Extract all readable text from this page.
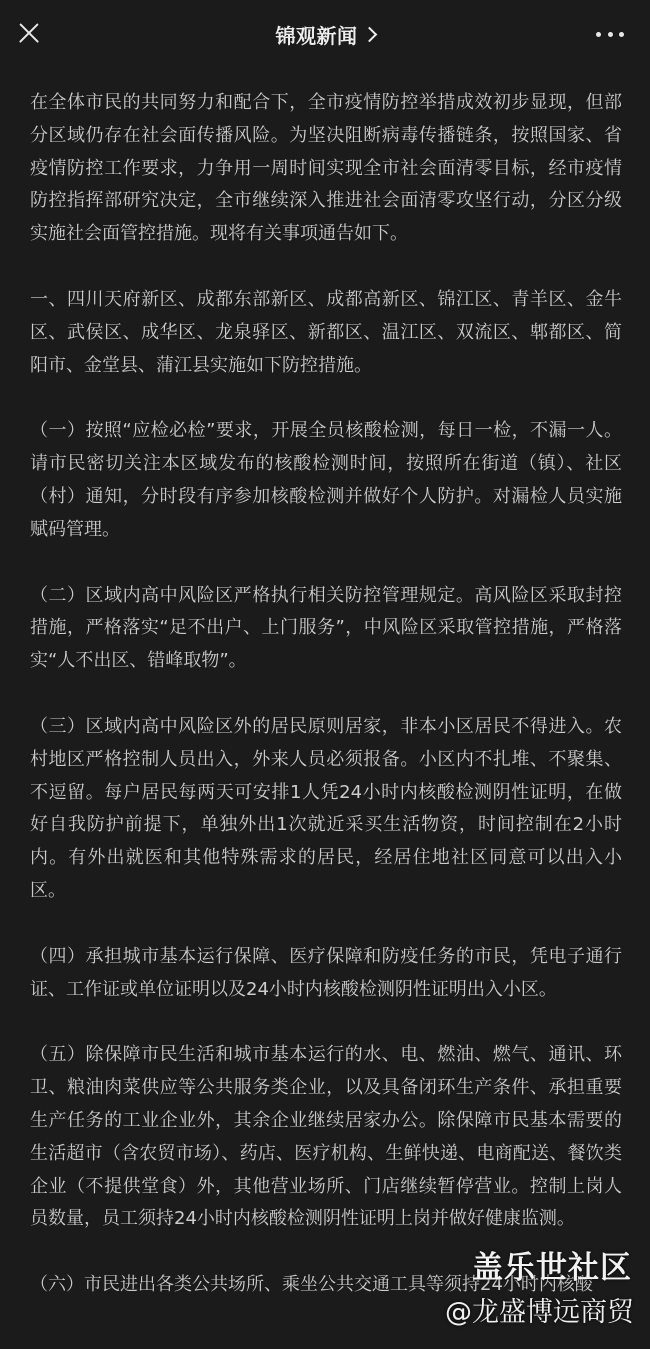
锦观新闻

在全体市民的共同努力和配合下，全市疫情防控举措成效初步显现，但部分区域仍存在社会面传播风险。为坚决阻断病毒传播链条，按照国家、省疫情防控工作要求，力争用一周时间实现全市社会面清零目标，经市疫情防控指挥部研究决定，全市继续深入推进社会面清零攻坚行动，分区分级实施社会面管控措施。现将有关事项通告如下。

一、四川天府新区、成都东部新区、成都高新区、锦江区、青羊区、金牛区、武侯区、成华区、龙泉驿区、新都区、温江区、双流区、郫都区、简阳市、金堂县、蒲江县实施如下防控措施。

（一）按照“应检必检”要求，开展全员核酸检测，每日一检，不漏一人。请市民密切关注本区域发布的核酸检测时间，按照所在街道（镇）、社区（村）通知，分时段有序参加核酸检测并做好个人防护。对漏检人员实施赋码管理。

（二）区域内高中风险区严格执行相关防控管理规定。高风险区采取封控措施，严格落实“足不出户、上门服务”，中风险区采取管控措施，严格落实“人不出区、错峰取物”。

（三）区域内高中风险区外的居民原则居家，非本小区居民不得进入。农村地区严格控制人员出入，外来人员必须报备。小区内不扎堆、不聚集、不逗留。每户居民每两天可安排1人凭24小时内核酸检测阴性证明，在做好自我防护前提下，单独外出1次就近采买生活物资，时间控制在2小时内。有外出就医和其他特殊需求的居民，经居住地社区同意可以出入小区。

（四）承担城市基本运行保障、医疗保障和防疫任务的市民，凭电子通行证、工作证或单位证明以及24小时内核酸检测阴性证明出入小区。

（五）除保障市民生活和城市基本运行的水、电、燃油、燃气、通讯、环卫、粮油肉菜供应等公共服务类企业，以及具备闭环生产条件、承担重要生产任务的工业企业外，其余企业继续居家办公。除保障市民基本需要的生活超市（含农贸市场）、药店、医疗机构、生鲜快递、电商配送、餐饮类企业（不提供堂食）外，其他营业场所、门店继续暂停营业。控制上岗人员数量，员工须持24小时内核酸检测阴性证明上岗并做好健康监测。

（六）市民进出各类公共场所、乘坐公共交通工具等须持24小时内核酸

盖乐世社区
@龙盛博远商贸
